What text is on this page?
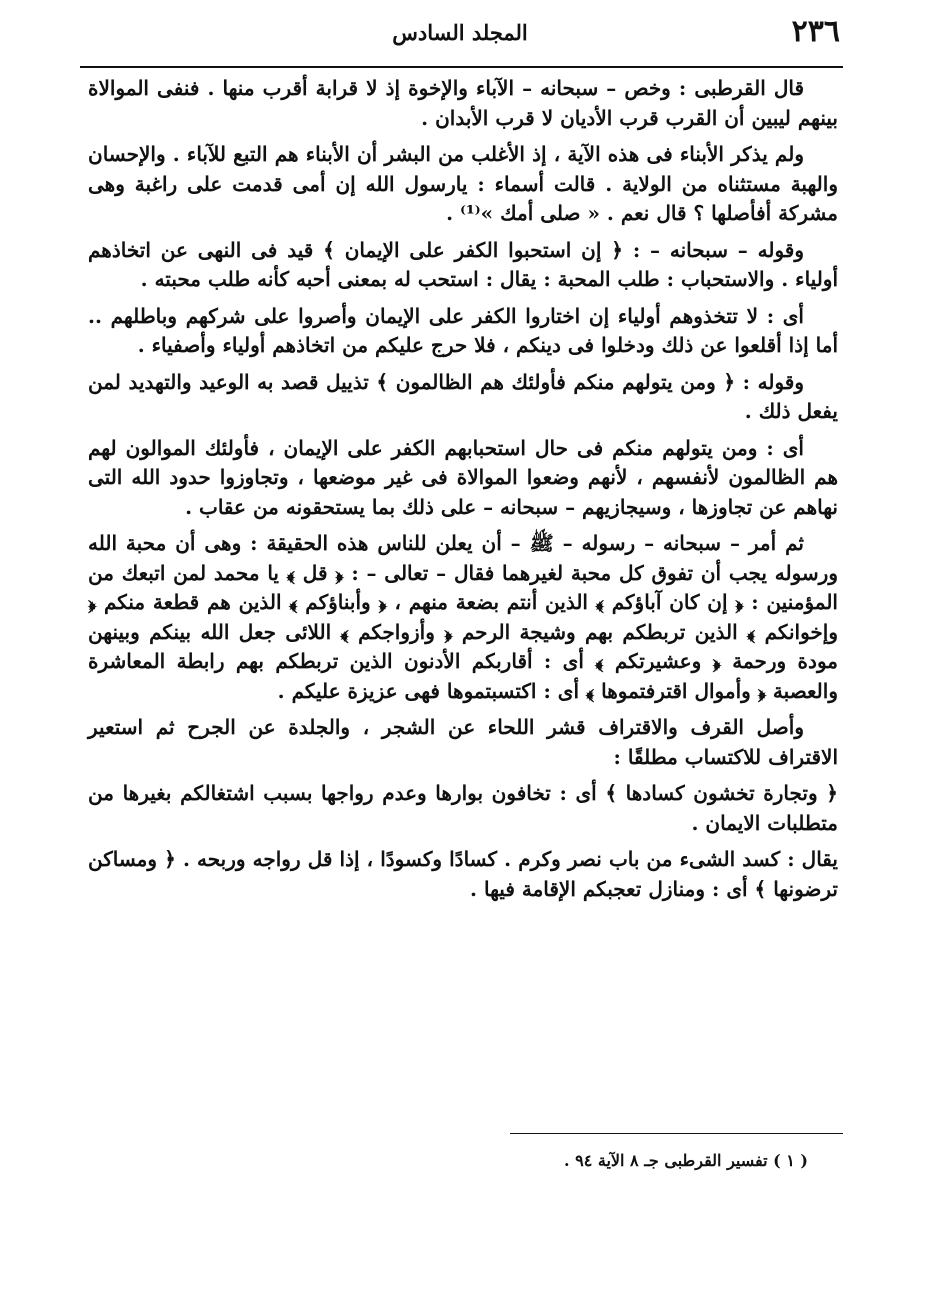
٢٣٦
المجلد السادس

قال القرطبى : وخص – سبحانه – الآباء والإخوة إذ لا قرابة أقرب منها . فنفى الموالاة بينهم ليبين أن القرب قرب الأديان لا قرب الأبدان .

ولم يذكر الأبناء فى هذه الآية ، إذ الأغلب من البشر أن الأبناء هم التبع للآباء . والإحسان والهبة مستثناه من الولاية . قالت أسماء : يارسول الله إن أمى قدمت على راغبة وهى مشركة أفأصلها ؟ قال نعم . « صلى أمك »⁽¹⁾ .

وقوله – سبحانه – : ﴿ إن استحبوا الكفر على الإيمان ﴾ قيد فى النهى عن اتخاذهم أولياء . والاستحباب : طلب المحبة : يقال : استحب له بمعنى أحبه كأنه طلب محبته .

أى : لا تتخذوهم أولياء إن اختاروا الكفر على الإيمان وأصروا على شركهم وباطلهم .. أما إذا أقلعوا عن ذلك ودخلوا فى دينكم ، فلا حرج عليكم من اتخاذهم أولياء وأصفياء .

وقوله : ﴿ ومن يتولهم منكم فأولئك هم الظالمون ﴾ تذييل قصد به الوعيد والتهديد لمن يفعل ذلك .

أى : ومن يتولهم منكم فى حال استحبابهم الكفر على الإيمان ، فأولئك الموالون لهم هم الظالمون لأنفسهم ، لأنهم وضعوا الموالاة فى غير موضعها ، وتجاوزوا حدود الله التى نهاهم عن تجاوزها ، وسيجازيهم – سبحانه – على ذلك بما يستحقونه من عقاب .

ثم أمر – سبحانه – رسوله – ﷺ – أن يعلن للناس هذه الحقيقة : وهى أن محبة الله ورسوله يجب أن تفوق كل محبة لغيرهما فقال – تعالى – : ﴿ قل ﴾ يا محمد لمن اتبعك من المؤمنين : ﴿ إن كان آباؤكم ﴾ الذين أنتم بضعة منهم ، ﴿ وأبناؤكم ﴾ الذين هم قطعة منكم ﴿ وإخوانكم ﴾ الذين تربطكم بهم وشيجة الرحم ﴿ وأزواجكم ﴾ اللائى جعل الله بينكم وبينهن مودة ورحمة ﴿ وعشيرتكم ﴾ أى : أقاربكم الأدنون الذين تربطكم بهم رابطة المعاشرة والعصبة ﴿ وأموال اقترفتموها ﴾ أى : اكتسبتموها فهى عزيزة عليكم .

وأصل القرف والاقتراف قشر اللحاء عن الشجر ، والجلدة عن الجرح ثم استعير الاقتراف للاكتساب مطلقًا :

﴿ وتجارة تخشون كسادها ﴾ أى : تخافون بوارها وعدم رواجها بسبب اشتغالكم بغيرها من متطلبات الايمان .

يقال : كسد الشىء من باب نصر وكرم . كسادًا وكسودًا ، إذا قل رواجه وربحه . ﴿ ومساكن ترضونها ﴾ أى : ومنازل تعجبكم الإقامة فيها .

( ١ ) تفسير القرطبى جـ ٨ الآية ٩٤ .
